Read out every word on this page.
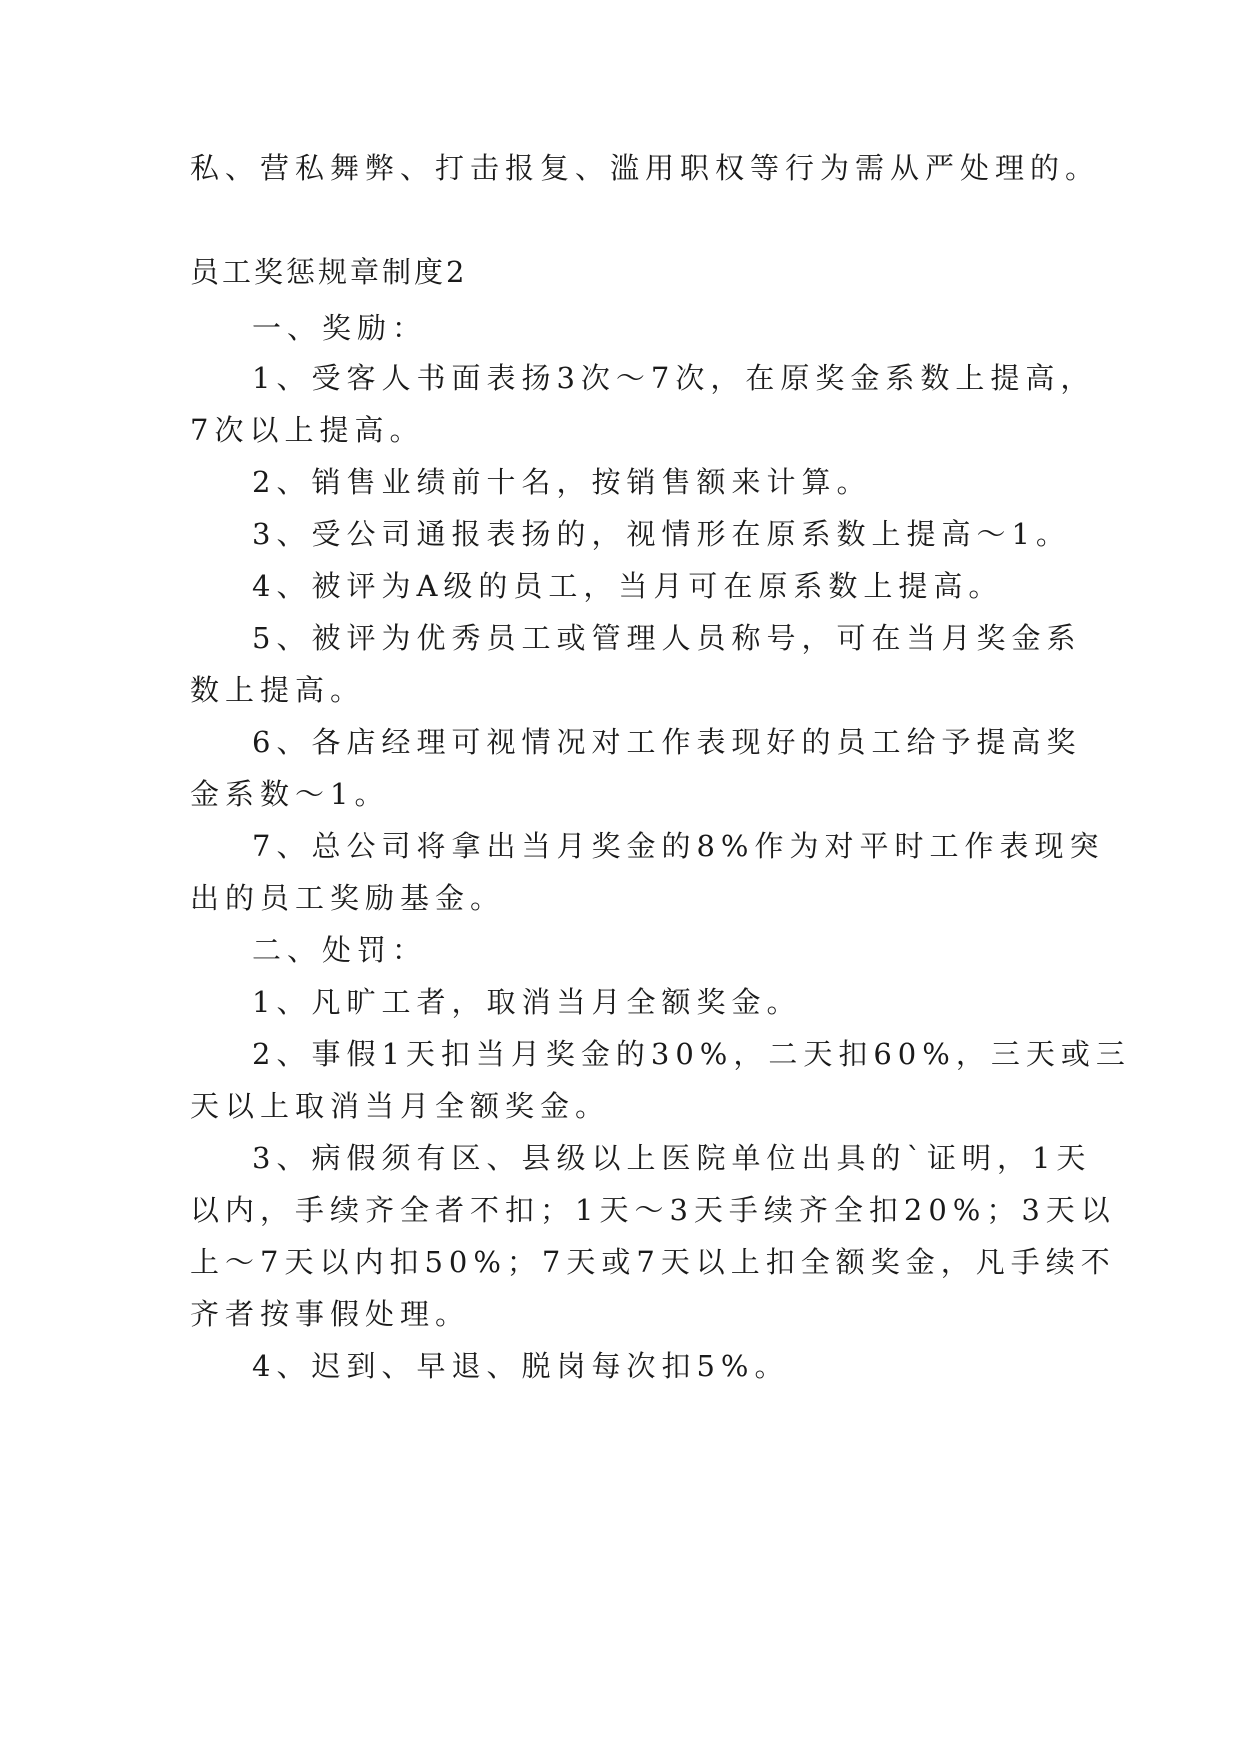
私、营私舞弊、打击报复、滥用职权等行为需从严处理的。
员工奖惩规章制度2
一、奖励：
1、受客人书面表扬3次～7次，在原奖金系数上提高，
7次以上提高。
2、销售业绩前十名，按销售额来计算。
3、受公司通报表扬的，视情形在原系数上提高～1。
4、被评为A级的员工，当月可在原系数上提高。
5、被评为优秀员工或管理人员称号，可在当月奖金系
数上提高。
6、各店经理可视情况对工作表现好的员工给予提高奖
金系数～1。
7、总公司将拿出当月奖金的8%作为对平时工作表现突
出的员工奖励基金。
二、处罚：
1、凡旷工者，取消当月全额奖金。
2、事假1天扣当月奖金的30%，二天扣60%，三天或三
天以上取消当月全额奖金。
3、病假须有区、县级以上医院单位出具的`证明，1天
以内，手续齐全者不扣；1天～3天手续齐全扣20%；3天以
上～7天以内扣50%；7天或7天以上扣全额奖金，凡手续不
齐者按事假处理。
4、迟到、早退、脱岗每次扣5%。
